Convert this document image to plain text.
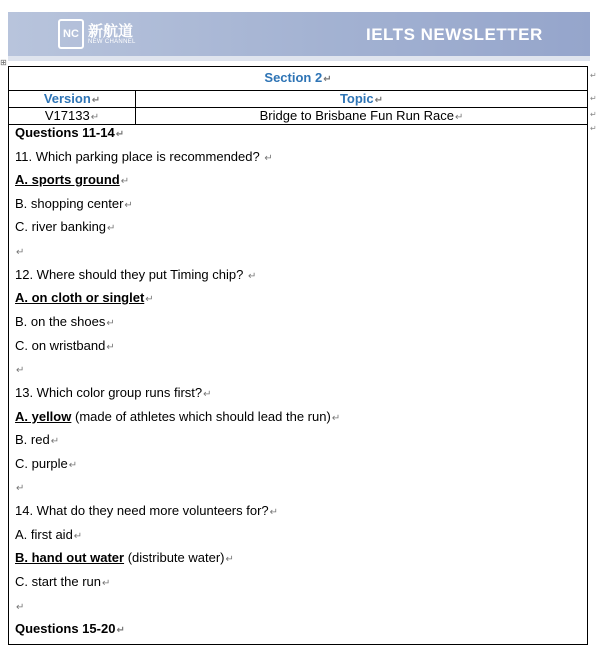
NC 新航道
NEW CHANNEL	IELTS NEWSLETTER
⊞
Section 2↵
Version↵	Topic↵
V17133↵	Bridge to Brisbane Fun Run Race↵
Questions 11-14↵
11. Which parking place is recommended? ↵
A. sports ground↵
B. shopping center↵
C. river banking↵
↵
12. Where should they put Timing chip? ↵
A. on cloth or singlet↵
B. on the shoes↵
C. on wristband↵
↵
13. Which color group runs first?↵
A. yellow (made of athletes which should lead the run)↵
B. red↵
C. purple↵
↵
14. What do they need more volunteers for?↵
A. first aid↵
B. hand out water (distribute water)↵
C. start the run↵
↵
Questions 15-20↵
↵
↵
↵
↵
